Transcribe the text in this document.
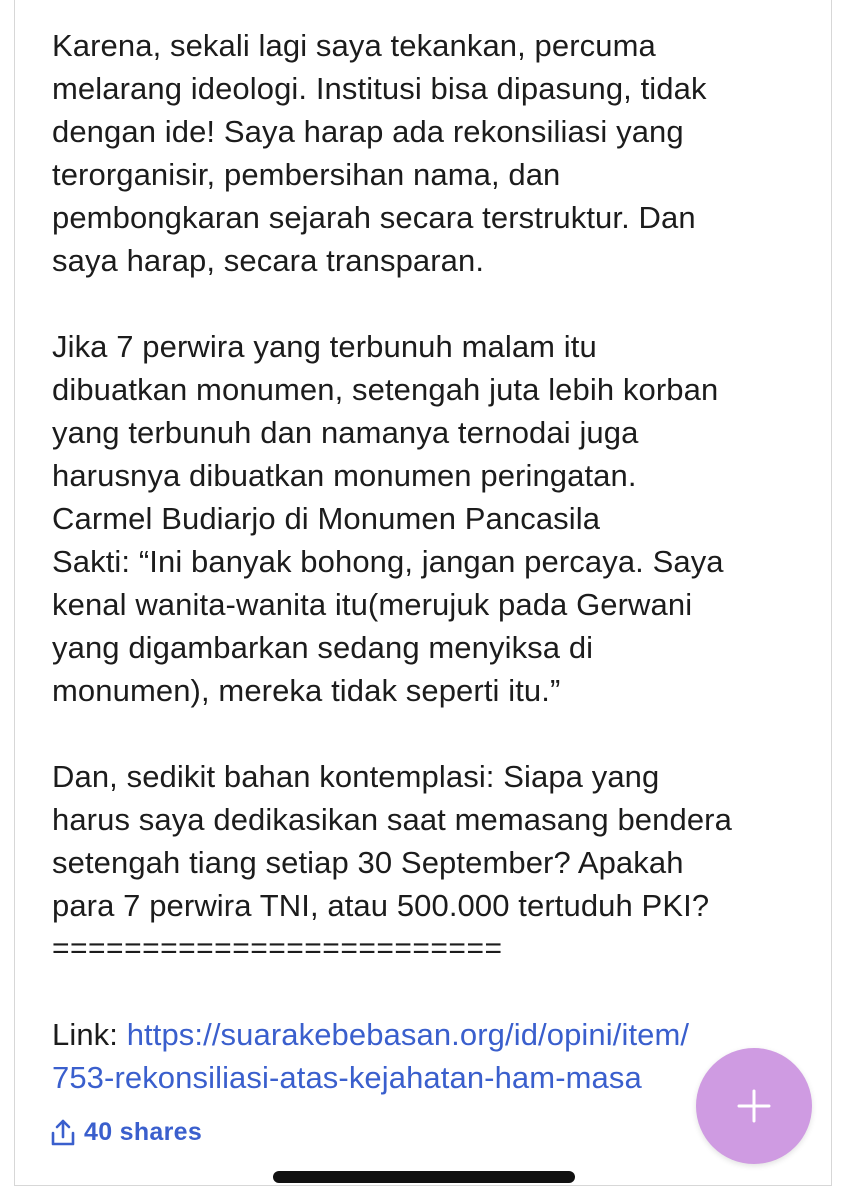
Karena, sekali lagi saya tekankan, percuma
melarang ideologi. Institusi bisa dipasung, tidak
dengan ide! Saya harap ada rekonsiliasi yang
terorganisir, pembersihan nama, dan
pembongkaran sejarah secara terstruktur. Dan
saya harap, secara transparan.
Jika 7 perwira yang terbunuh malam itu
dibuatkan monumen, setengah juta lebih korban
yang terbunuh dan namanya ternodai juga
harusnya dibuatkan monumen peringatan.
Carmel Budiarjo di Monumen Pancasila
Sakti: “Ini banyak bohong, jangan percaya. Saya
kenal wanita-wanita itu(merujuk pada Gerwani
yang digambarkan sedang menyiksa di
monumen), mereka tidak seperti itu.”
Dan, sedikit bahan kontemplasi: Siapa yang
harus saya dedikasikan saat memasang bendera
setengah tiang setiap 30 September? Apakah
para 7 perwira TNI, atau 500.000 tertuduh PKI?
=========================
Link: https://suarakebebasan.org/id/opini/item/
753-rekonsiliasi-atas-kejahatan-ham-masa
40 shares
